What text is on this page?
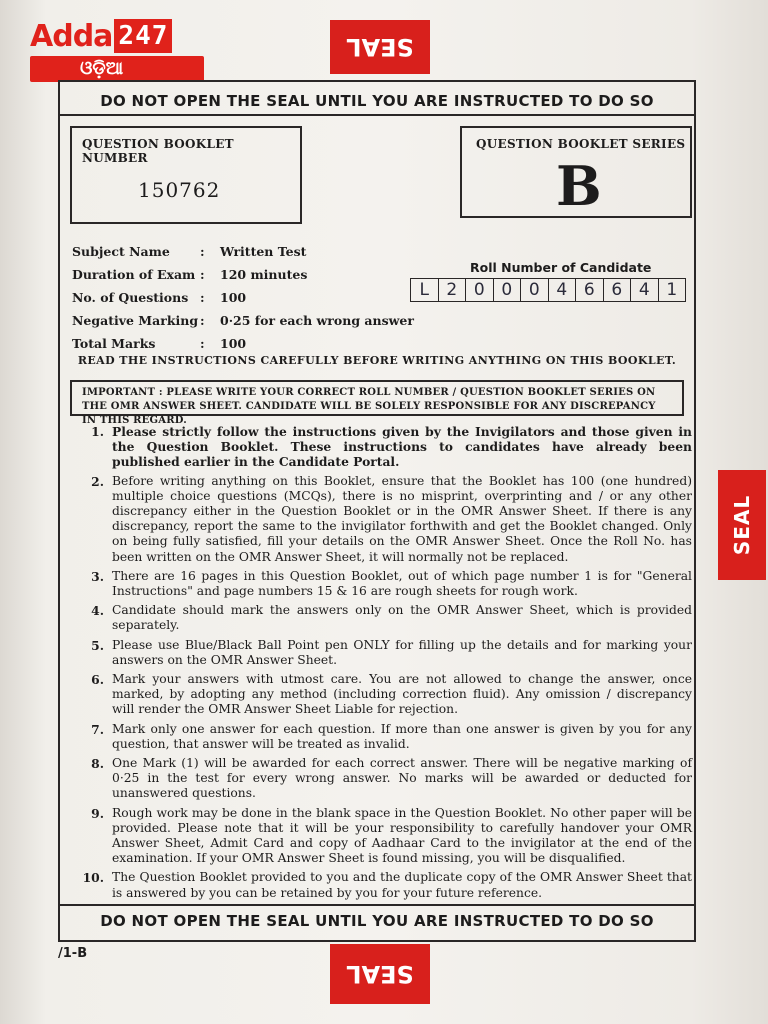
Adda 247
ଓଡ଼ିଆ
SEAL
SEAL
SEAL
DO NOT OPEN THE SEAL UNTIL YOU ARE INSTRUCTED TO DO SO
QUESTION BOOKLET NUMBER
150762
QUESTION BOOKLET SERIES
B
Subject Name	:	Written Test
Duration of Exam :	120 minutes
No. of Questions :	100
Negative Marking :	0·25 for each wrong answer
Total Marks	:	100
Roll Number of Candidate
L	2 0 0 0 4 6 6 4 1
READ THE INSTRUCTIONS CAREFULLY BEFORE WRITING ANYTHING ON THIS BOOKLET.
IMPORTANT : PLEASE WRITE YOUR CORRECT ROLL NUMBER / QUESTION BOOKLET SERIES ON THE OMR ANSWER SHEET. CANDIDATE WILL BE SOLELY RESPONSIBLE FOR ANY DISCREPANCY IN THIS REGARD.
1. Please strictly follow the instructions given by the Invigilators and those given in the Question Booklet. These instructions to candidates have already been published earlier in the Candidate Portal.
2. Before writing anything on this Booklet, ensure that the Booklet has 100 (one hundred) multiple choice questions (MCQs), there is no misprint, overprinting and / or any other discrepancy either in the Question Booklet or in the OMR Answer Sheet. If there is any discrepancy, report the same to the invigilator forthwith and get the Booklet changed. Only on being fully satisfied, fill your details on the OMR Answer Sheet. Once the Roll No. has been written on the OMR Answer Sheet, it will normally not be replaced.
3. There are 16 pages in this Question Booklet, out of which page number 1 is for "General Instructions" and page numbers 15 & 16 are rough sheets for rough work.
4. Candidate should mark the answers only on the OMR Answer Sheet, which is provided separately.
5. Please use Blue/Black Ball Point pen ONLY for filling up the details and for marking your answers on the OMR Answer Sheet.
6. Mark your answers with utmost care. You are not allowed to change the answer, once marked, by adopting any method (including correction fluid). Any omission / discrepancy will render the OMR Answer Sheet Liable for rejection.
7. Mark only one answer for each question. If more than one answer is given by you for any question, that answer will be treated as invalid.
8. One Mark (1) will be awarded for each correct answer. There will be negative marking of 0·25 in the test for every wrong answer. No marks will be awarded or deducted for unanswered questions.
9. Rough work may be done in the blank space in the Question Booklet. No other paper will be provided. Please note that it will be your responsibility to carefully handover your OMR Answer Sheet, Admit Card and copy of Aadhaar Card to the invigilator at the end of the examination. If your OMR Answer Sheet is found missing, you will be disqualified.
10. The Question Booklet provided to you and the duplicate copy of the OMR Answer Sheet that is answered by you can be retained by you for your future reference.
DO NOT OPEN THE SEAL UNTIL YOU ARE INSTRUCTED TO DO SO
/1-B
